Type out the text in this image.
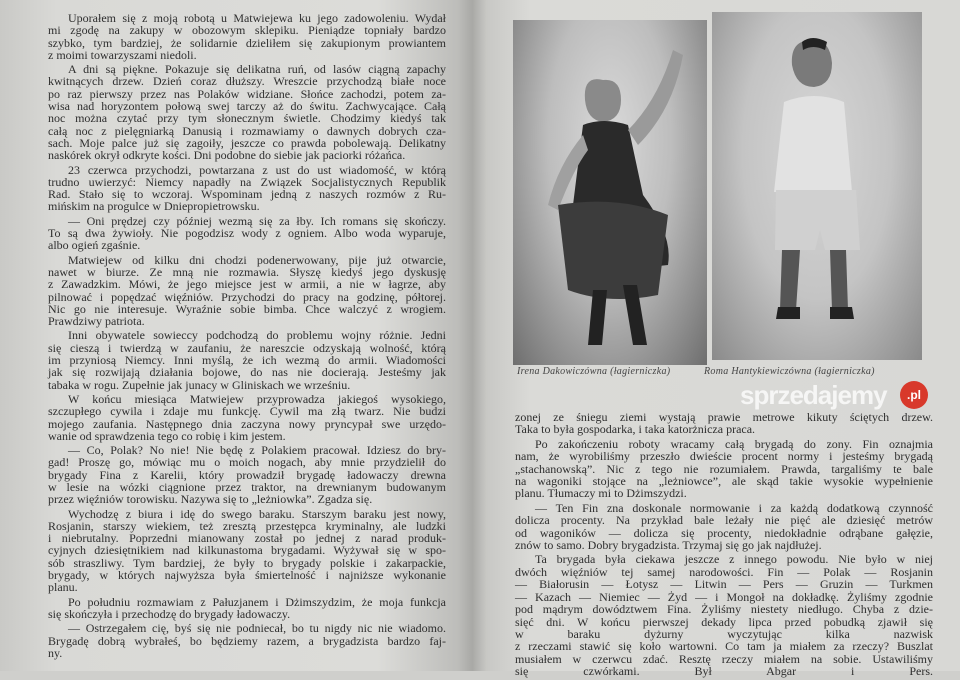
Uporałem się z moją robotą u Matwiejewa ku jego zadowoleniu. Wydał
mi zgodę na zakupy w obozowym sklepiku. Pieniądze topniały bardzo
szybko, tym bardziej, że solidarnie dzieliłem się zakupionym prowiantem
z moimi towarzyszami niedoli.
A dni są piękne. Pokazuje się delikatna ruń, od lasów ciągną zapachy
kwitnących drzew. Dzień coraz dłuższy. Wreszcie przychodzą białe noce
po raz pierwszy przez nas Polaków widziane. Słońce zachodzi, potem za-
wisa nad horyzontem połową swej tarczy aż do świtu. Zachwycające. Całą
noc można czytać przy tym słonecznym świetle. Chodzimy kiedyś tak
całą noc z pielęgniarką Danusią i rozmawiamy o dawnych dobrych cza-
sach. Moje palce już się zagoiły, jeszcze co prawda pobolewają. Delikatny
naskórek okrył odkryte kości. Dni podobne do siebie jak paciorki różańca.
23 czerwca przychodzi, powtarzana z ust do ust wiadomość, w którą
trudno uwierzyć: Niemcy napadły na Związek Socjalistycznych Republik
Rad. Stało się to wczoraj. Wspominam jedną z naszych rozmów z Ru-
mińskim na progulce w Dniepropietrowsku.
— Oni prędzej czy później wezmą się za łby. Ich romans się skończy.
To są dwa żywioły. Nie pogodzisz wody z ogniem. Albo woda wyparuje,
albo ogień zgaśnie.
Matwiejew od kilku dni chodzi podenerwowany, pije już otwarcie,
nawet w biurze. Ze mną nie rozmawia. Słyszę kiedyś jego dyskusję
z Zawadzkim. Mówi, że jego miejsce jest w armii, a nie w łagrze, aby
pilnować i popędzać więźniów. Przychodzi do pracy na godzinę, półtorej.
Nic go nie interesuje. Wyraźnie sobie bimba. Chce walczyć z wrogiem.
Prawdziwy patriota.
Inni obywatele sowieccy podchodzą do problemu wojny różnie. Jedni
się cieszą i twierdzą w zaufaniu, że nareszcie odzyskają wolność, którą
im przyniosą Niemcy. Inni myślą, że ich wezmą do armii. Wiadomości
jak się rozwijają działania bojowe, do nas nie docierają. Jesteśmy jak
tabaka w rogu. Zupełnie jak junacy w Gliniskach we wrześniu.
W końcu miesiąca Matwiejew przyprowadza jakiegoś wysokiego,
szczupłego cywila i zdaje mu funkcję. Cywil ma złą twarz. Nie budzi
mojego zaufania. Następnego dnia zaczyna nowy pryncypał swe urzędo-
wanie od sprawdzenia tego co robię i kim jestem.
— Co, Polak? No nie! Nie będę z Polakiem pracował. Idziesz do bry-
gad! Proszę go, mówiąc mu o moich nogach, aby mnie przydzielił do
brygady Fina z Karelii, który prowadził brygadę ładowaczy drewna
w lesie na wózki ciągnione przez traktor, na drewnianym budowanym
przez więźniów torowisku. Nazywa się to „leżniowka”. Zgadza się.
Wychodzę z biura i idę do swego baraku. Starszym baraku jest nowy,
Rosjanin, starszy wiekiem, też zresztą przestępca kryminalny, ale ludzki
i niebrutalny. Poprzedni mianowany został po jednej z narad produk-
cyjnych dziesiętnikiem nad kilkunastoma brygadami. Wyżywał się w spo-
sób straszliwy. Tym bardziej, że były to brygady polskie i zakarpackie,
brygady, w których najwyższa była śmiertelność i najniższe wykonanie
planu.
Po południu rozmawiam z Pałuzjanem i Dżimszydzim, że moja funkcja
się skończyła i przechodzę do brygady ładowaczy.
— Ostrzegałem cię, byś się nie podniecał, bo tu nigdy nic nie wiadomo.
Brygadę dobrą wybrałeś, bo będziemy razem, a brygadzista bardzo faj-
ny.
Irena Dakowiczówna (łagierniczka)	Roma Hantykiewiczówna (łagierniczka)
zonej ze śniegu ziemi wystają prawie metrowe kikuty ściętych drzew.
Taka to była gospodarka, i taka katorżnicza praca.
Po zakończeniu roboty wracamy całą brygadą do zony. Fin oznajmia
nam, że wyrobiliśmy przeszło dwieście procent normy i jesteśmy brygadą
„stachanowską”. Nic z tego nie rozumiałem. Prawda, targaliśmy te bale
na wagoniki stojące na „leżniowce”, ale skąd takie wysokie wypełnienie
planu. Tłumaczy mi to Dżimszydzi.
— Ten Fin zna doskonale normowanie i za każdą dodatkową czynność
dolicza procenty. Na przykład bale leżały nie pięć ale dziesięć metrów
od wagoników — dolicza się procenty, niedokładnie odrąbane gałęzie,
znów to samo. Dobry brygadzista. Trzymaj się go jak najdłużej.
Ta brygada była ciekawa jeszcze z innego powodu. Nie było w niej
dwóch więźniów tej samej narodowości. Fin — Polak — Rosjanin
— Białorusin — Łotysz — Litwin — Pers — Gruzin — Turkmen
— Kazach — Niemiec — Żyd — i Mongoł na dokładkę. Żyliśmy zgodnie
pod mądrym dowództwem Fina. Żyliśmy niestety niedługo. Chyba z dzie-
sięć dni. W końcu pierwszej dekady lipca przed pobudką zjawił się
w baraku dyżurny wyczytując kilka nazwisk
z rzeczami stawić się koło wartowni. Co tam ja miałem za rzeczy? Buszlat
musiałem w czerwcu zdać. Resztę rzeczy miałem na sobie. Ustawiliśmy
się czwórkami. Był Abgar i Pers.
sprzedajemy	.pl
